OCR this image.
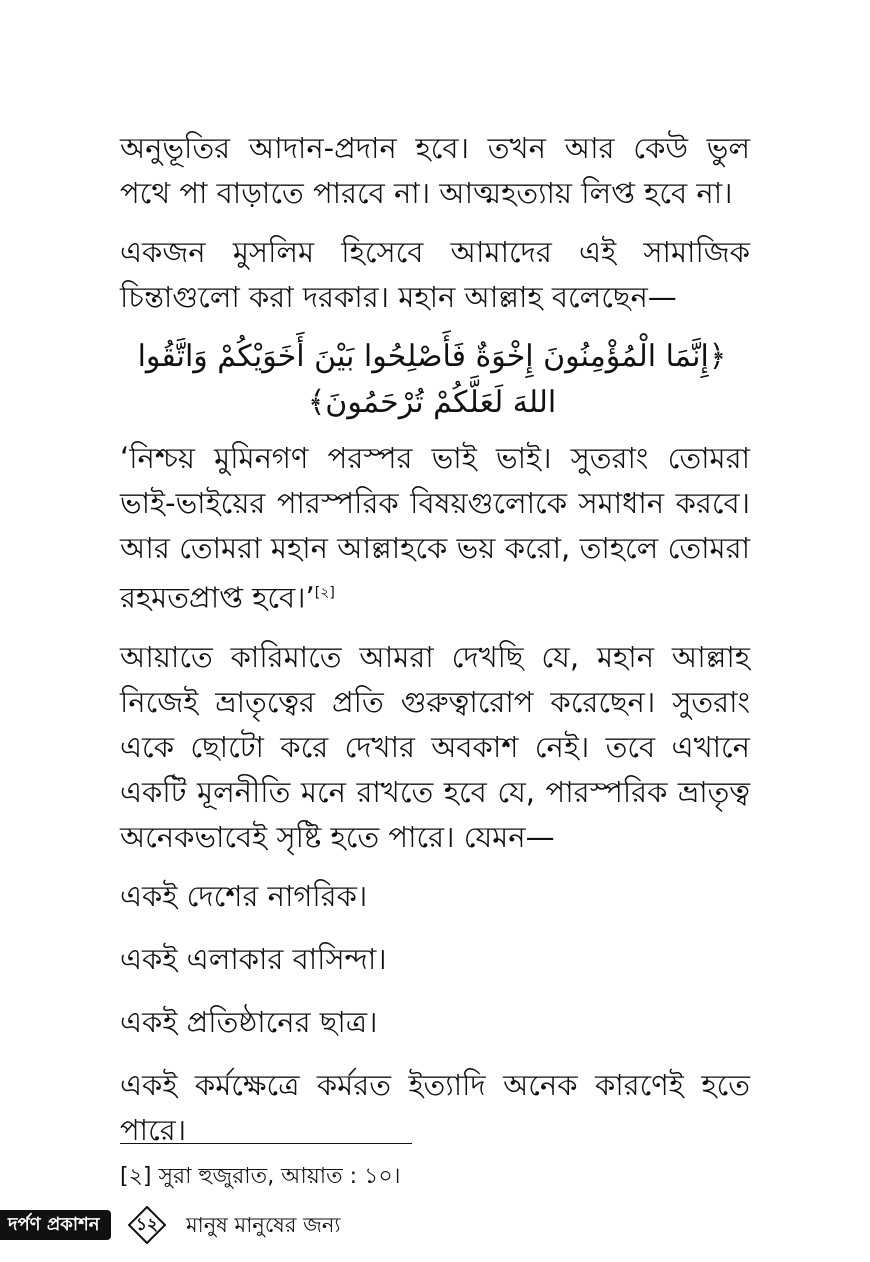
অনুভূতির আদান-প্রদান হবে। তখন আর কেউ ভুল পথে পা বাড়াতে পারবে না। আত্মহত্যায় লিপ্ত হবে না।

একজন মুসলিম হিসেবে আমাদের এই সামাজিক চিন্তাগুলো করা দরকার। মহান আল্লাহ বলেছেন—

﴿إِنَّمَا الْمُؤْمِنُونَ إِخْوَةٌ فَأَصْلِحُوا بَيْنَ أَخَوَيْكُمْ وَاتَّقُوا
اللهَ لَعَلَّكُمْ تُرْحَمُونَ﴾

‘নিশ্চয় মুমিনগণ পরস্পর ভাই ভাই। সুতরাং তোমরা ভাই-ভাইয়ের পারস্পরিক বিষয়গুলোকে সমাধান করবে। আর তোমরা মহান আল্লাহকে ভয় করো, তাহলে তোমরা রহমতপ্রাপ্ত হবে।’[২]

আয়াতে কারিমাতে আমরা দেখছি যে, মহান আল্লাহ নিজেই ভ্রাতৃত্বের প্রতি গুরুত্বারোপ করেছেন। সুতরাং একে ছোটো করে দেখার অবকাশ নেই। তবে এখানে একটি মূলনীতি মনে রাখতে হবে যে, পারস্পরিক ভ্রাতৃত্ব অনেকভাবেই সৃষ্টি হতে পারে। যেমন—

একই দেশের নাগরিক।

একই এলাকার বাসিন্দা।

একই প্রতিষ্ঠানের ছাত্র।

একই কর্মক্ষেত্রে কর্মরত ইত্যাদি অনেক কারণেই হতে পারে।

[২] সুরা হুজুরাত, আয়াত : ১০।
দর্পণ প্রকাশন	১২	মানুষ মানুষের জন্য
